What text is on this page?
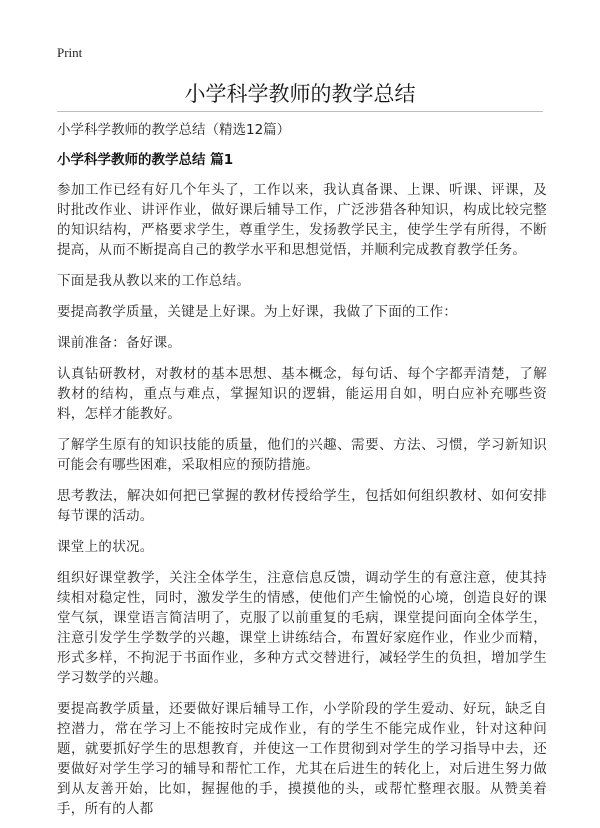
Print
小学科学教师的教学总结
小学科学教师的教学总结（精选12篇）
小学科学教师的教学总结 篇1

参加工作已经有好几个年头了，工作以来，我认真备课、上课、听课、评课，及时批改作业、讲评作业，做好课后辅导工作，广泛涉猎各种知识，构成比较完整的知识结构，严格要求学生，尊重学生，发扬教学民主，使学生学有所得，不断提高，从而不断提高自己的教学水平和思想觉悟，并顺利完成教育教学任务。

下面是我从教以来的工作总结。

要提高教学质量，关键是上好课。为上好课，我做了下面的工作：

课前准备：备好课。

认真钻研教材，对教材的基本思想、基本概念，每句话、每个字都弄清楚，了解教材的结构，重点与难点，掌握知识的逻辑，能运用自如，明白应补充哪些资料，怎样才能教好。

了解学生原有的知识技能的质量，他们的兴趣、需要、方法、习惯，学习新知识可能会有哪些困难，采取相应的预防措施。

思考教法，解决如何把已掌握的教材传授给学生，包括如何组织教材、如何安排每节课的活动。

课堂上的状况。

组织好课堂教学，关注全体学生，注意信息反馈，调动学生的有意注意，使其持续相对稳定性，同时，激发学生的情感，使他们产生愉悦的心境，创造良好的课堂气氛，课堂语言简洁明了，克服了以前重复的毛病，课堂提问面向全体学生，注意引发学生学数学的兴趣，课堂上讲练结合，布置好家庭作业，作业少而精，形式多样，不拘泥于书面作业，多种方式交替进行，减轻学生的负担，增加学生学习数学的兴趣。

要提高教学质量，还要做好课后辅导工作，小学阶段的学生爱动、好玩，缺乏自控潜力，常在学习上不能按时完成作业，有的学生不能完成作业，针对这种问题，就要抓好学生的思想教育，并使这一工作贯彻到对学生的学习指导中去，还要做好对学生学习的辅导和帮忙工作，尤其在后进生的转化上，对后进生努力做到从友善开始，比如，握握他的手，摸摸他的头，或帮忙整理衣服。从赞美着手，所有的人都
